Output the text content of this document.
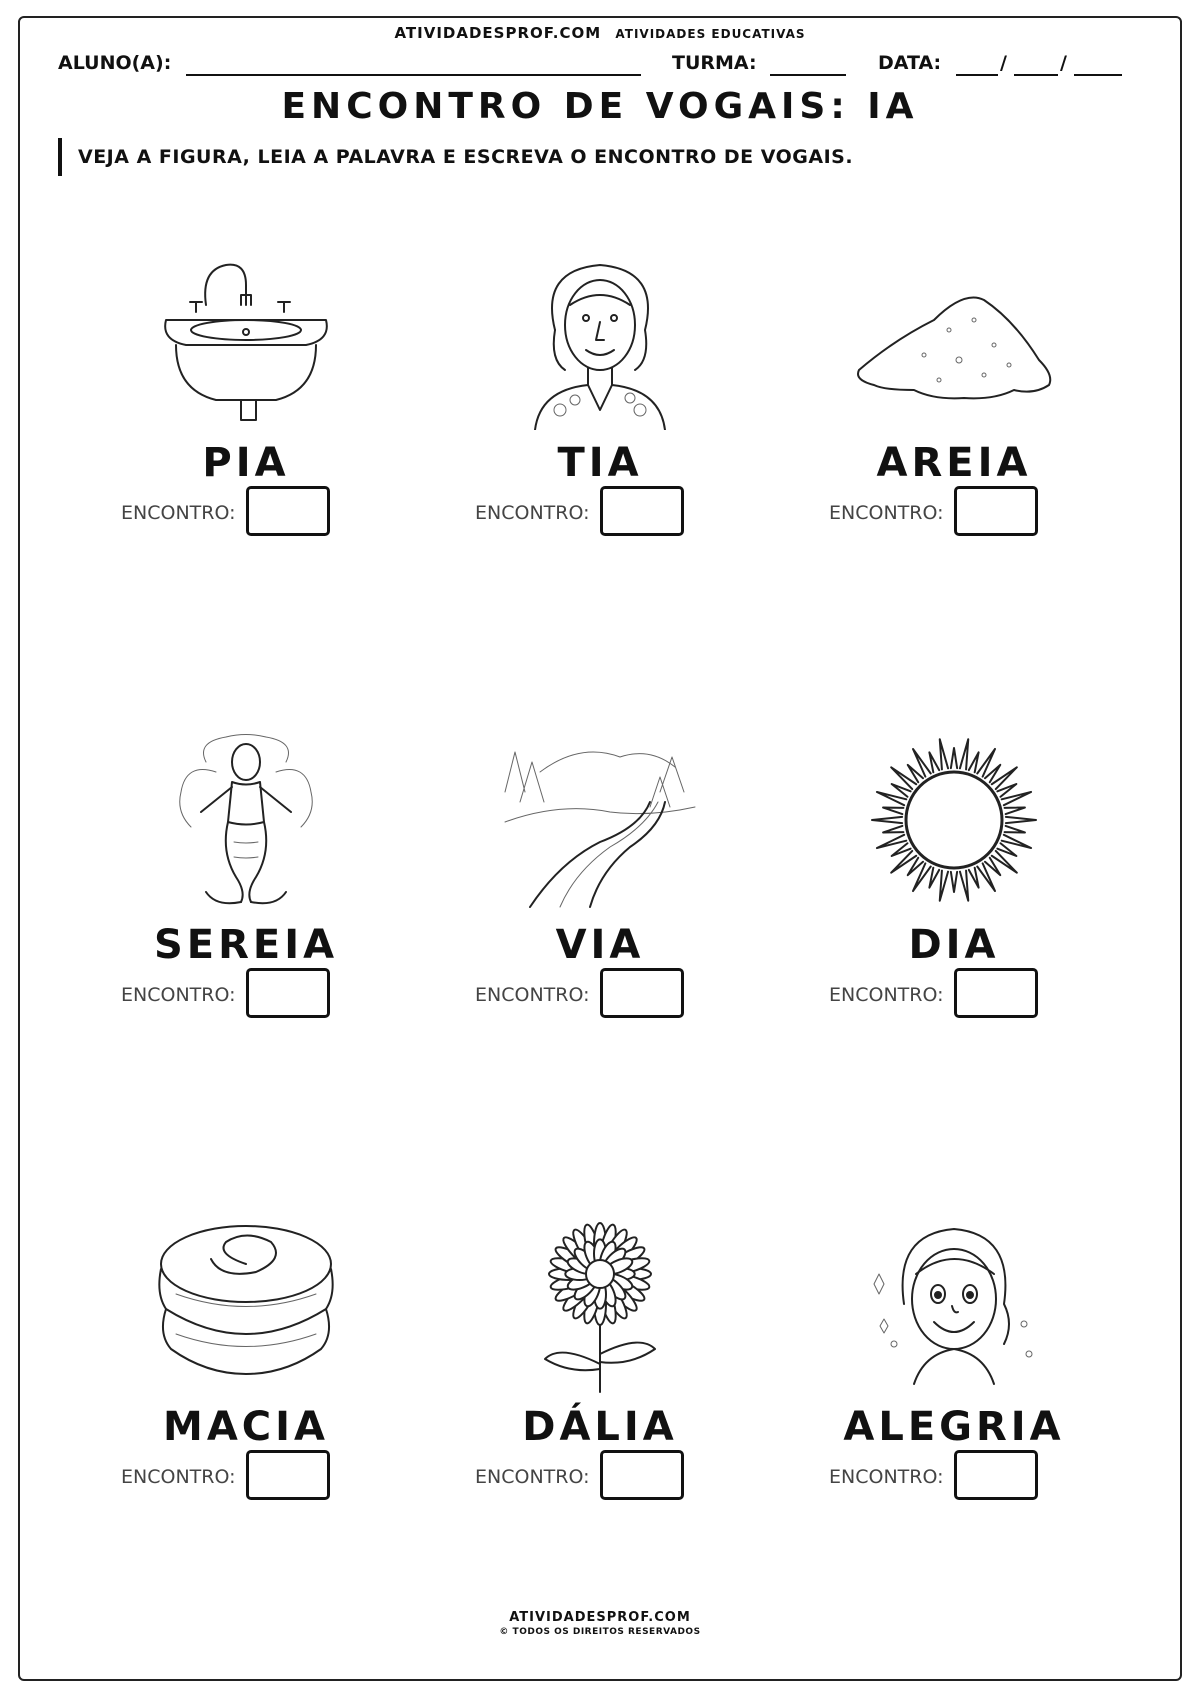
ATIVIDADESPROF.COM ATIVIDADES EDUCATIVAS
ALUNO(A):	TURMA:	DATA:	/	/
ENCONTRO DE VOGAIS: IA
VEJA A FIGURA, LEIA A PALAVRA E ESCREVA O ENCONTRO DE VOGAIS.
PIA
ENCONTRO:
TIA
ENCONTRO:
AREIA
ENCONTRO:
SEREIA
ENCONTRO:
VIA
ENCONTRO:
DIA
ENCONTRO:
MACIA
ENCONTRO:
DÁLIA
ENCONTRO:
ALEGRIA
ENCONTRO:
ATIVIDADESPROF.COM
© TODOS OS DIREITOS RESERVADOS
